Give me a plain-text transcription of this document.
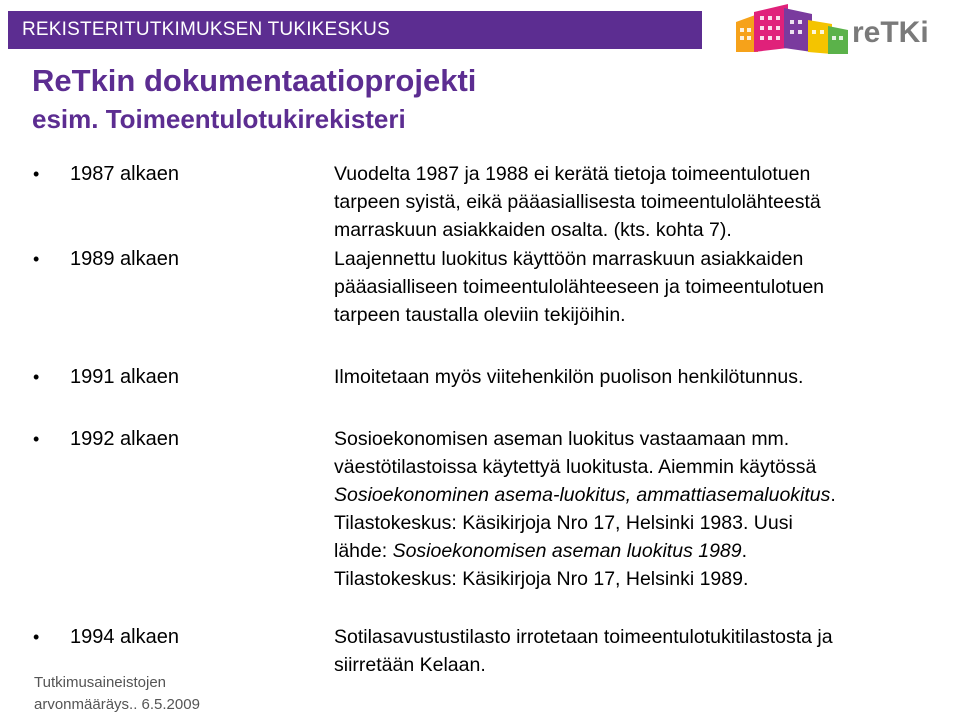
REKISTERITUTKIMUKSEN TUKIKESKUS	reTKi
ReTkin dokumentaatioprojekti
esim. Toimeentulotukirekisteri
• 1987 alkaen	Vuodelta 1987 ja 1988 ei kerätä tietoja toimeentulotuen

tarpeen syistä, eikä pääasiallisesta toimeentulolähteestä

marraskuun asiakkaiden osalta. (kts. kohta 7).

• 1989 alkaen	Laajennettu luokitus käyttöön marraskuun asiakkaiden

pääasialliseen toimeentulolähteeseen ja toimeentulotuen

tarpeen taustalla oleviin tekijöihin.

• 1991 alkaen	Ilmoitetaan myös viitehenkilön puolison henkilötunnus.

• 1992 alkaen	Sosioekonomisen aseman luokitus vastaamaan mm.

väestötilastoissa käytettyä luokitusta. Aiemmin käytössä

Sosioekonominen asema-luokitus, ammattiasemaluokitus.

Tilastokeskus: Käsikirjoja Nro 17, Helsinki 1983. Uusi

lähde: Sosioekonomisen aseman luokitus 1989.

Tilastokeskus: Käsikirjoja Nro 17, Helsinki 1989.

• 1994 alkaen	Sotilasavustustilasto irrotetaan toimeentulotukitilastosta ja

siirretään Kelaan.

Tutkimusaineistojen
arvonmääräys.. 6.5.2009
